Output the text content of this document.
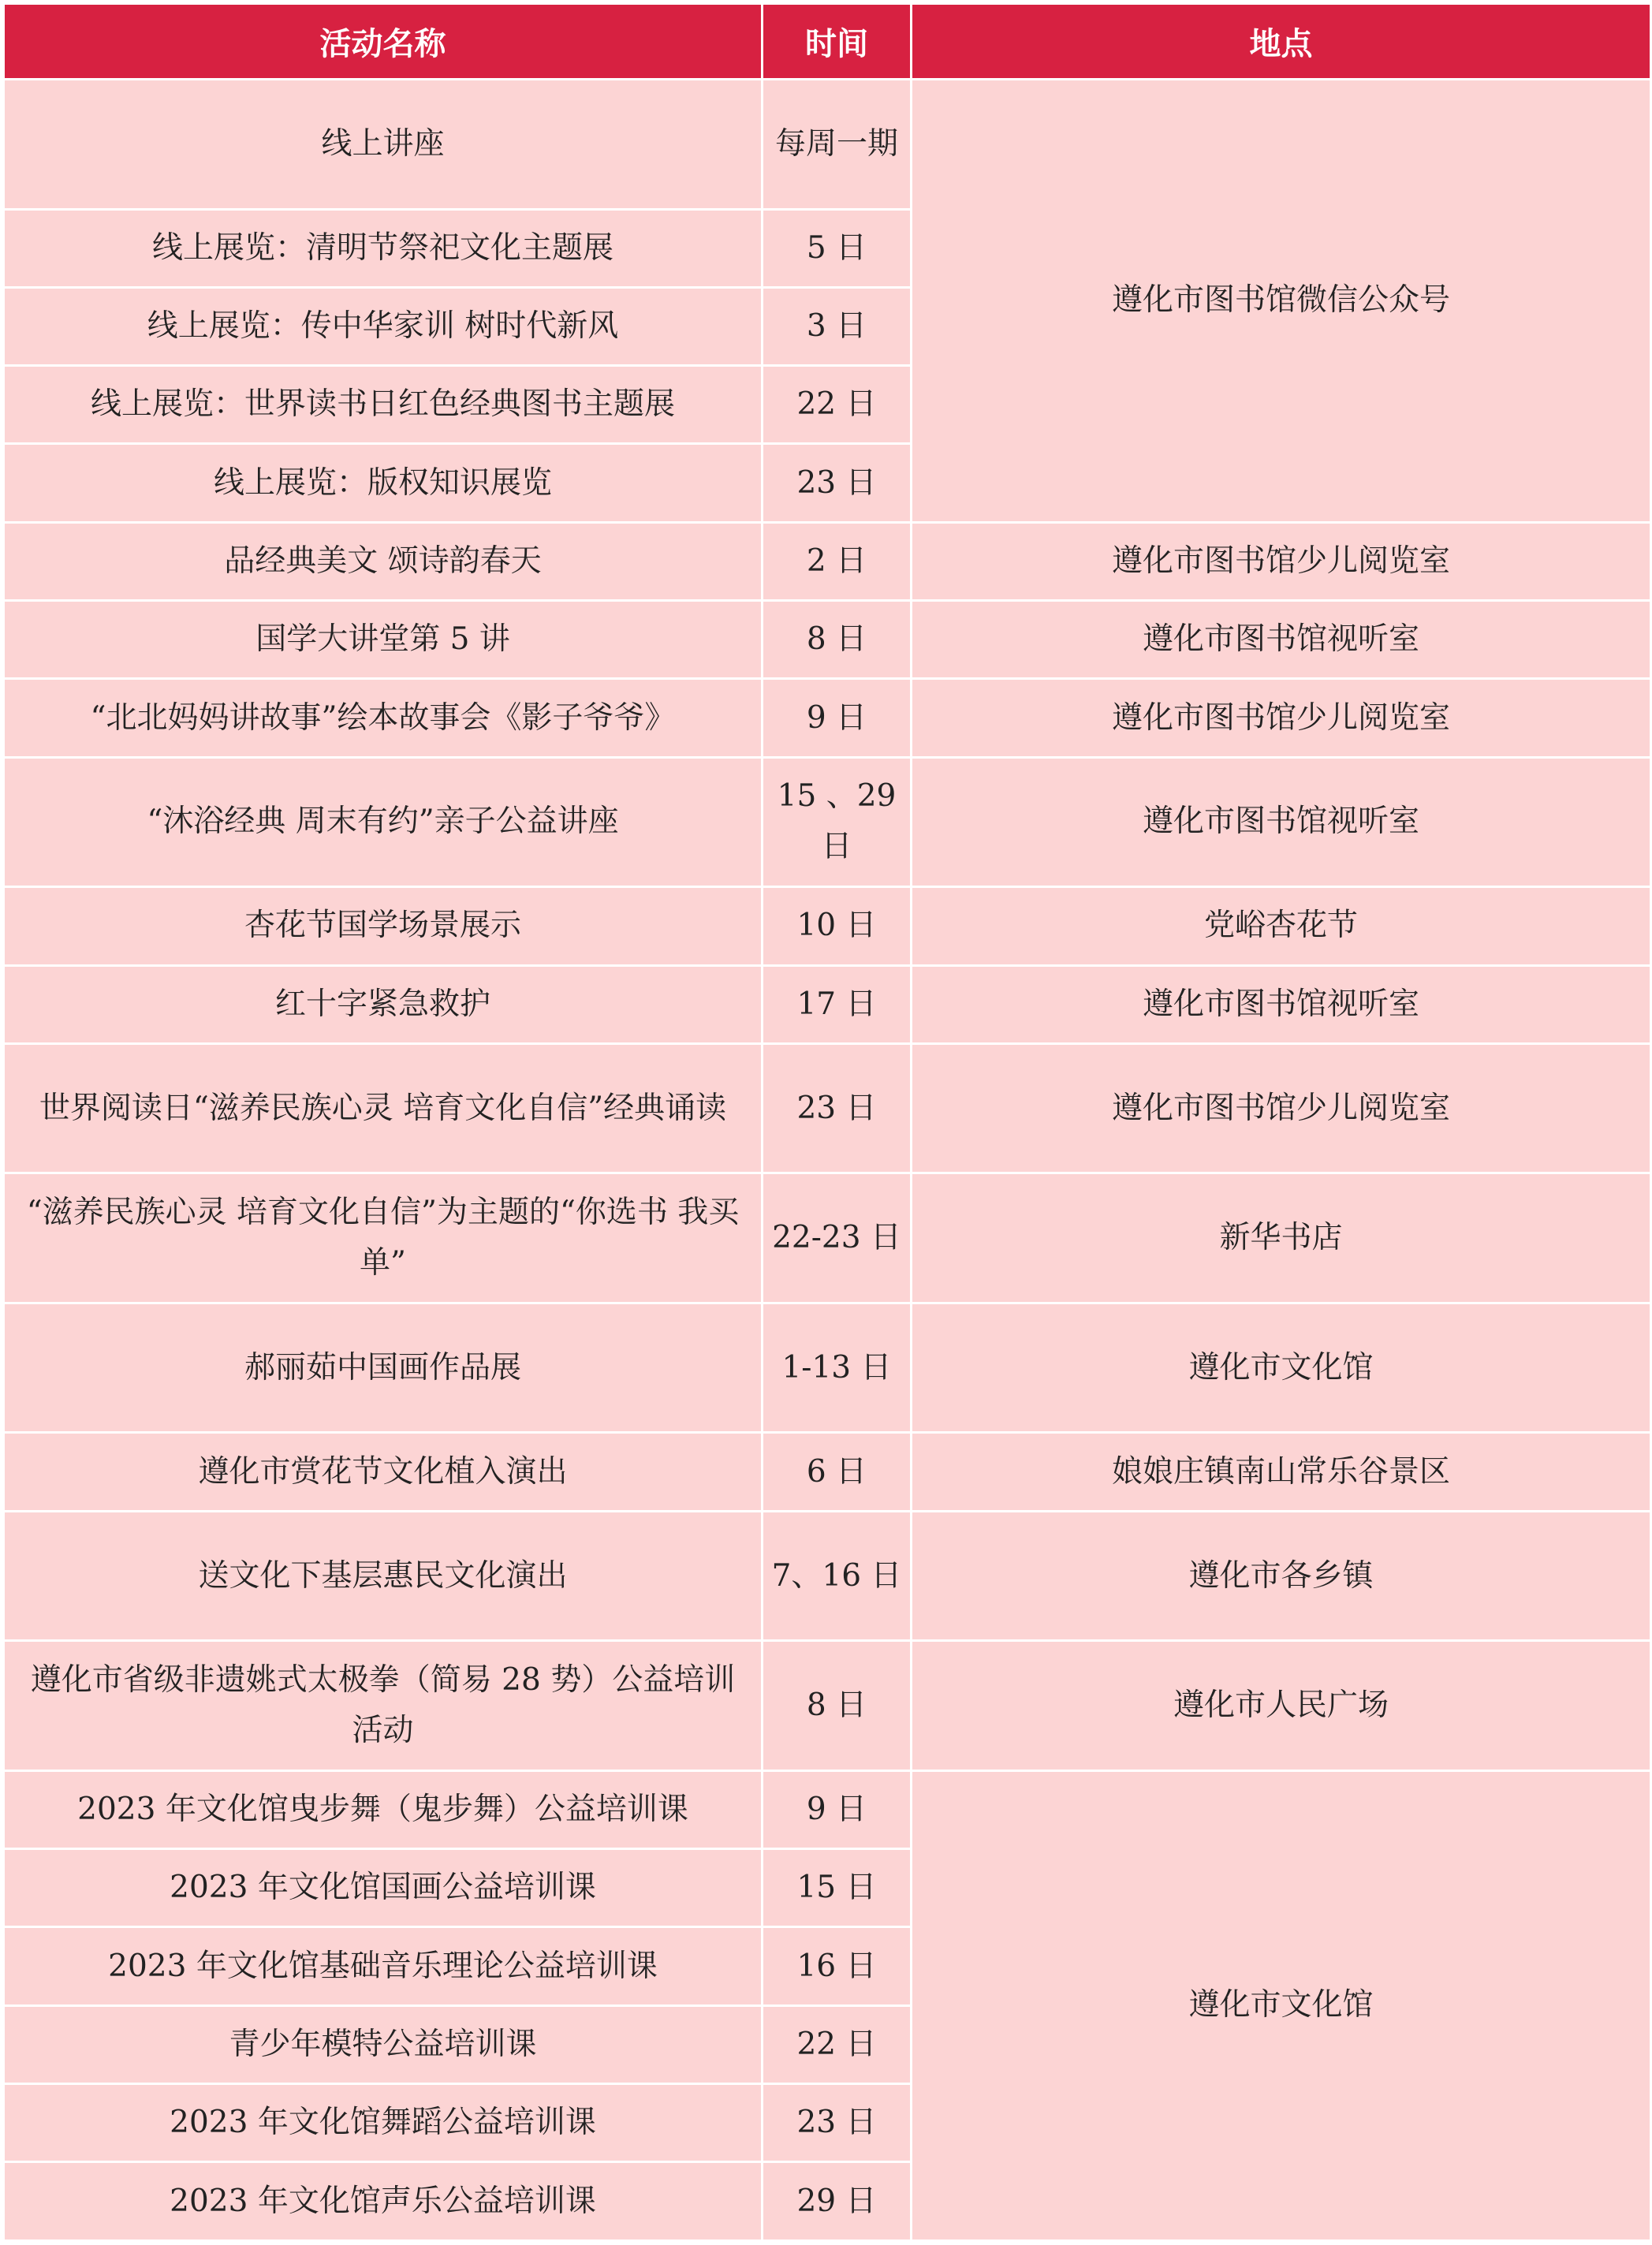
活动名称	时间	地点
线上讲座	每周一期	遵化市图书馆微信公众号
线上展览：清明节祭祀文化主题展	5 日	
线上展览：传中华家训 树时代新风	3 日	
线上展览：世界读书日红色经典图书主题展	22 日	
线上展览：版权知识展览	23 日	
品经典美文 颂诗韵春天	2 日	遵化市图书馆少儿阅览室
国学大讲堂第 5 讲	8 日	遵化市图书馆视听室
“北北妈妈讲故事”绘本故事会《影子爷爷》	9 日	遵化市图书馆少儿阅览室
“沐浴经典 周末有约”亲子公益讲座	15 、29 日	遵化市图书馆视听室
杏花节国学场景展示	10 日	党峪杏花节
红十字紧急救护	17 日	遵化市图书馆视听室
世界阅读日“滋养民族心灵 培育文化自信”经典诵读	23 日	遵化市图书馆少儿阅览室
“滋养民族心灵 培育文化自信”为主题的“你选书 我买单”	22-23 日	新华书店
郝丽茹中国画作品展	1-13 日	遵化市文化馆
遵化市赏花节文化植入演出	6 日	娘娘庄镇南山常乐谷景区
送文化下基层惠民文化演出	7、16 日	遵化市各乡镇
遵化市省级非遗姚式太极拳（简易 28 势）公益培训活动	8 日	遵化市人民广场
2023 年文化馆曳步舞（鬼步舞）公益培训课	9 日	遵化市文化馆
2023 年文化馆国画公益培训课	15 日	
2023 年文化馆基础音乐理论公益培训课	16 日	
青少年模特公益培训课	22 日	
2023 年文化馆舞蹈公益培训课	23 日	
2023 年文化馆声乐公益培训课	29 日	
